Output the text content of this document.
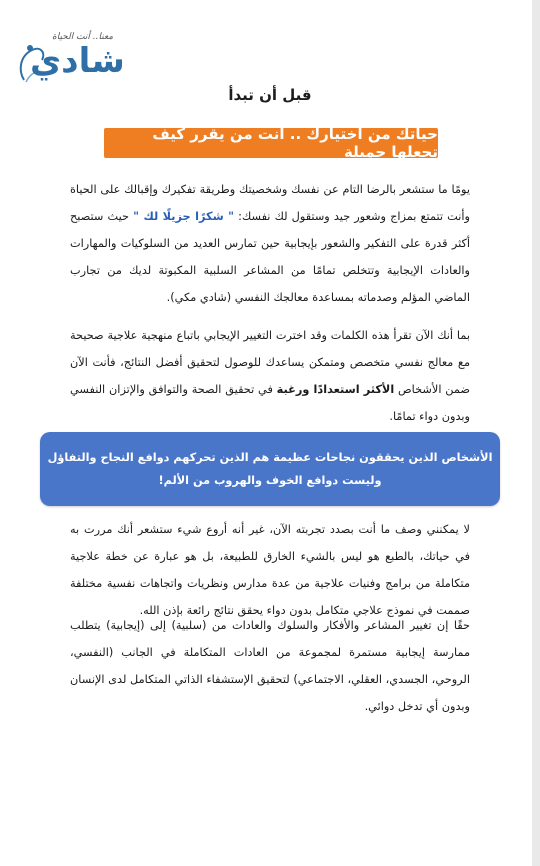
معنا.. أنت الحياة
شادي
قبل أن تبدأ
حياتك من اختيارك .. أنت من يقرر كيف تجعلها جميلة
يومًا ما ستشعر بالرضا التام عن نفسك وشخصيتك وطريقة تفكيرك وإقبالك على الحياة وأنت تتمتع بمزاج وشعور جيد وستقول لك نفسك: " شكرًا جزيلًا لك " حيث ستصبح أكثر قدرة على التفكير والشعور بإيجابية حين تمارس العديد من السلوكيات والمهارات والعادات الإيجابية وتتخلص تمامًا من المشاعر السلبية المكبوتة لديك من تجارب الماضي المؤلم وصدماته بمساعدة معالجك النفسي (شادي مكي).
بما أنك الآن تقرأ هذه الكلمات وقد اخترت التغيير الإيجابي باتباع منهجية علاجية صحيحة مع معالج نفسي متخصص ومتمكن يساعدك للوصول لتحقيق أفضل النتائج، فأنت الآن ضمن الأشخاص الأكثر استعدادًا ورغبة في تحقيق الصحة والتوافق والإتزان النفسي وبدون دواء تمامًا.
الأشخاص الذين يحققون نجاحات عظيمة هم الذين تحركهم دوافع النجاح والتفاؤل
وليست دوافع الخوف والهروب من الألم!
لا يمكنني وصف ما أنت بصدد تجربته الآن، غير أنه أروع شيء ستشعر أنك مررت به في حياتك، بالطبع هو ليس بالشيء الخارق للطبيعة، بل هو عبارة عن خطة علاجية متكاملة من برامج وفنيات علاجية من عدة مدارس ونظريات واتجاهات نفسية مختلفة صممت في نموذج علاجي متكامل بدون دواء يحقق نتائج رائعة بإذن الله.
حقًا إن تغيير المشاعر والأفكار والسلوك والعادات من (سلبية) إلى (إيجابية) يتطلب ممارسة إيجابية مستمرة لمجموعة من العادات المتكاملة في الجانب (النفسي، الروحي، الجسدي، العقلي، الاجتماعي) لتحقيق الإستشفاء الذاتي المتكامل لدى الإنسان وبدون أي تدخل دوائي.
